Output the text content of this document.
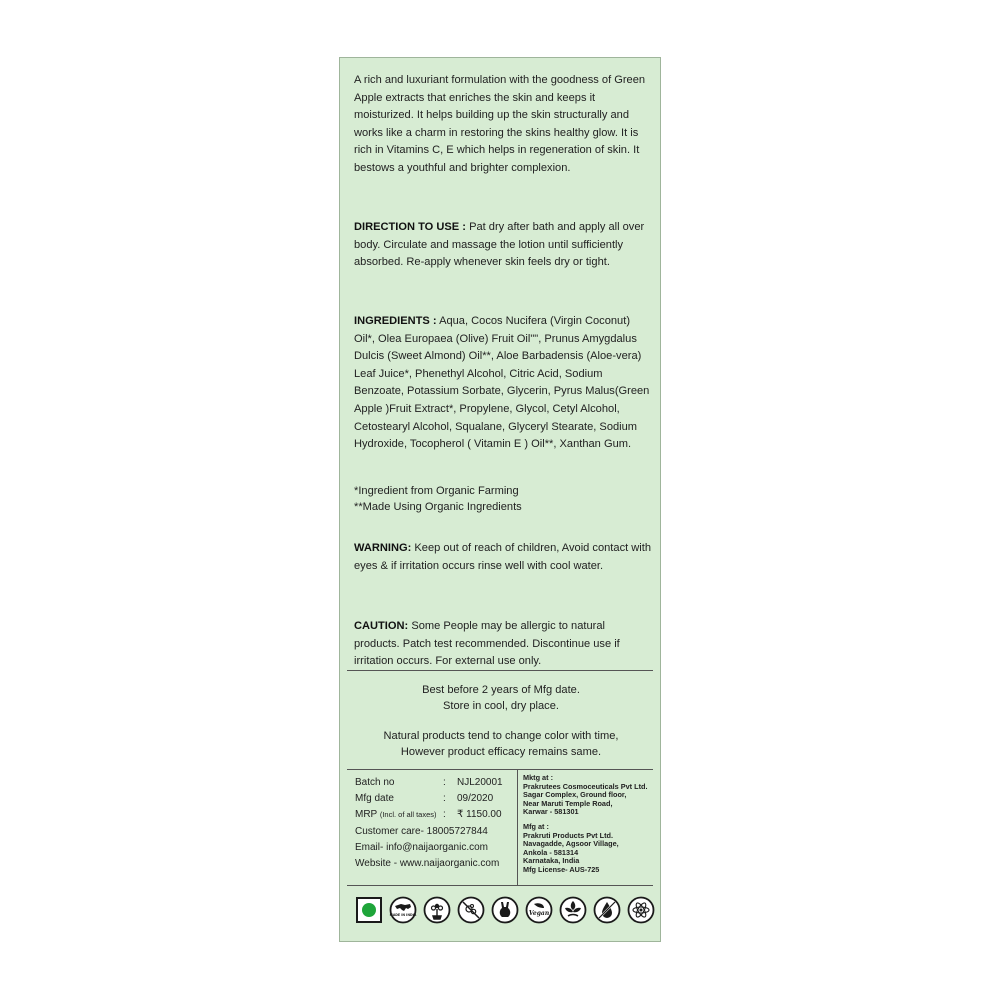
A rich and luxuriant formulation with the goodness of Green Apple extracts that enriches the skin and keeps it moisturized. It helps building up the skin structurally and works like a charm in restoring the skins healthy glow. It is rich in Vitamins C, E which helps in regeneration of skin. It bestows a youthful and brighter complexion.
DIRECTION TO USE : Pat dry after bath and apply all over body. Circulate and massage the lotion until sufficiently absorbed. Re-apply whenever skin feels dry or tight.
INGREDIENTS : Aqua, Cocos Nucifera (Virgin Coconut) Oil*, Olea Europaea (Olive) Fruit Oil"", Prunus Amygdalus Dulcis (Sweet Almond) Oil**, Aloe Barbadensis (Aloe-vera) Leaf Juice*, Phenethyl Alcohol, Citric Acid, Sodium Benzoate, Potassium Sorbate, Glycerin, Pyrus Malus(Green Apple )Fruit Extract*, Propylene, Glycol, Cetyl Alcohol, Cetostearyl Alcohol, Squalane, Glyceryl Stearate, Sodium Hydroxide, Tocopherol ( Vitamin E ) Oil**, Xanthan Gum.
*Ingredient from Organic Farming
**Made Using Organic Ingredients
WARNING: Keep out of reach of children, Avoid contact with eyes & if irritation occurs rinse well with cool water.
CAUTION: Some People may be allergic to natural products. Patch test recommended. Discontinue use if irritation occurs. For external use only.
Best before 2 years of Mfg date.
Store in cool, dry place.
Natural products tend to change color with time,
However product efficacy remains same.
Batch no	: NJL20001
Mfg date	: 09/2020
MRP (Incl. of all taxes) : ₹ 1150.00
Customer care- 18005727844
Email- info@naijaorganic.com
Website - www.naijaorganic.com
Mktg at :
Prakrutees Cosmoceuticals Pvt Ltd.
Sagar Complex, Ground floor,
Near Maruti Temple Road,
Karwar - 581301
Mfg at :
Prakruti Products Pvt Ltd.
Navagadde, Agsoor Village,
Ankola - 581314
Karnataka, India
Mfg License- AUS-725
MADE IN INDIA	Vegan
